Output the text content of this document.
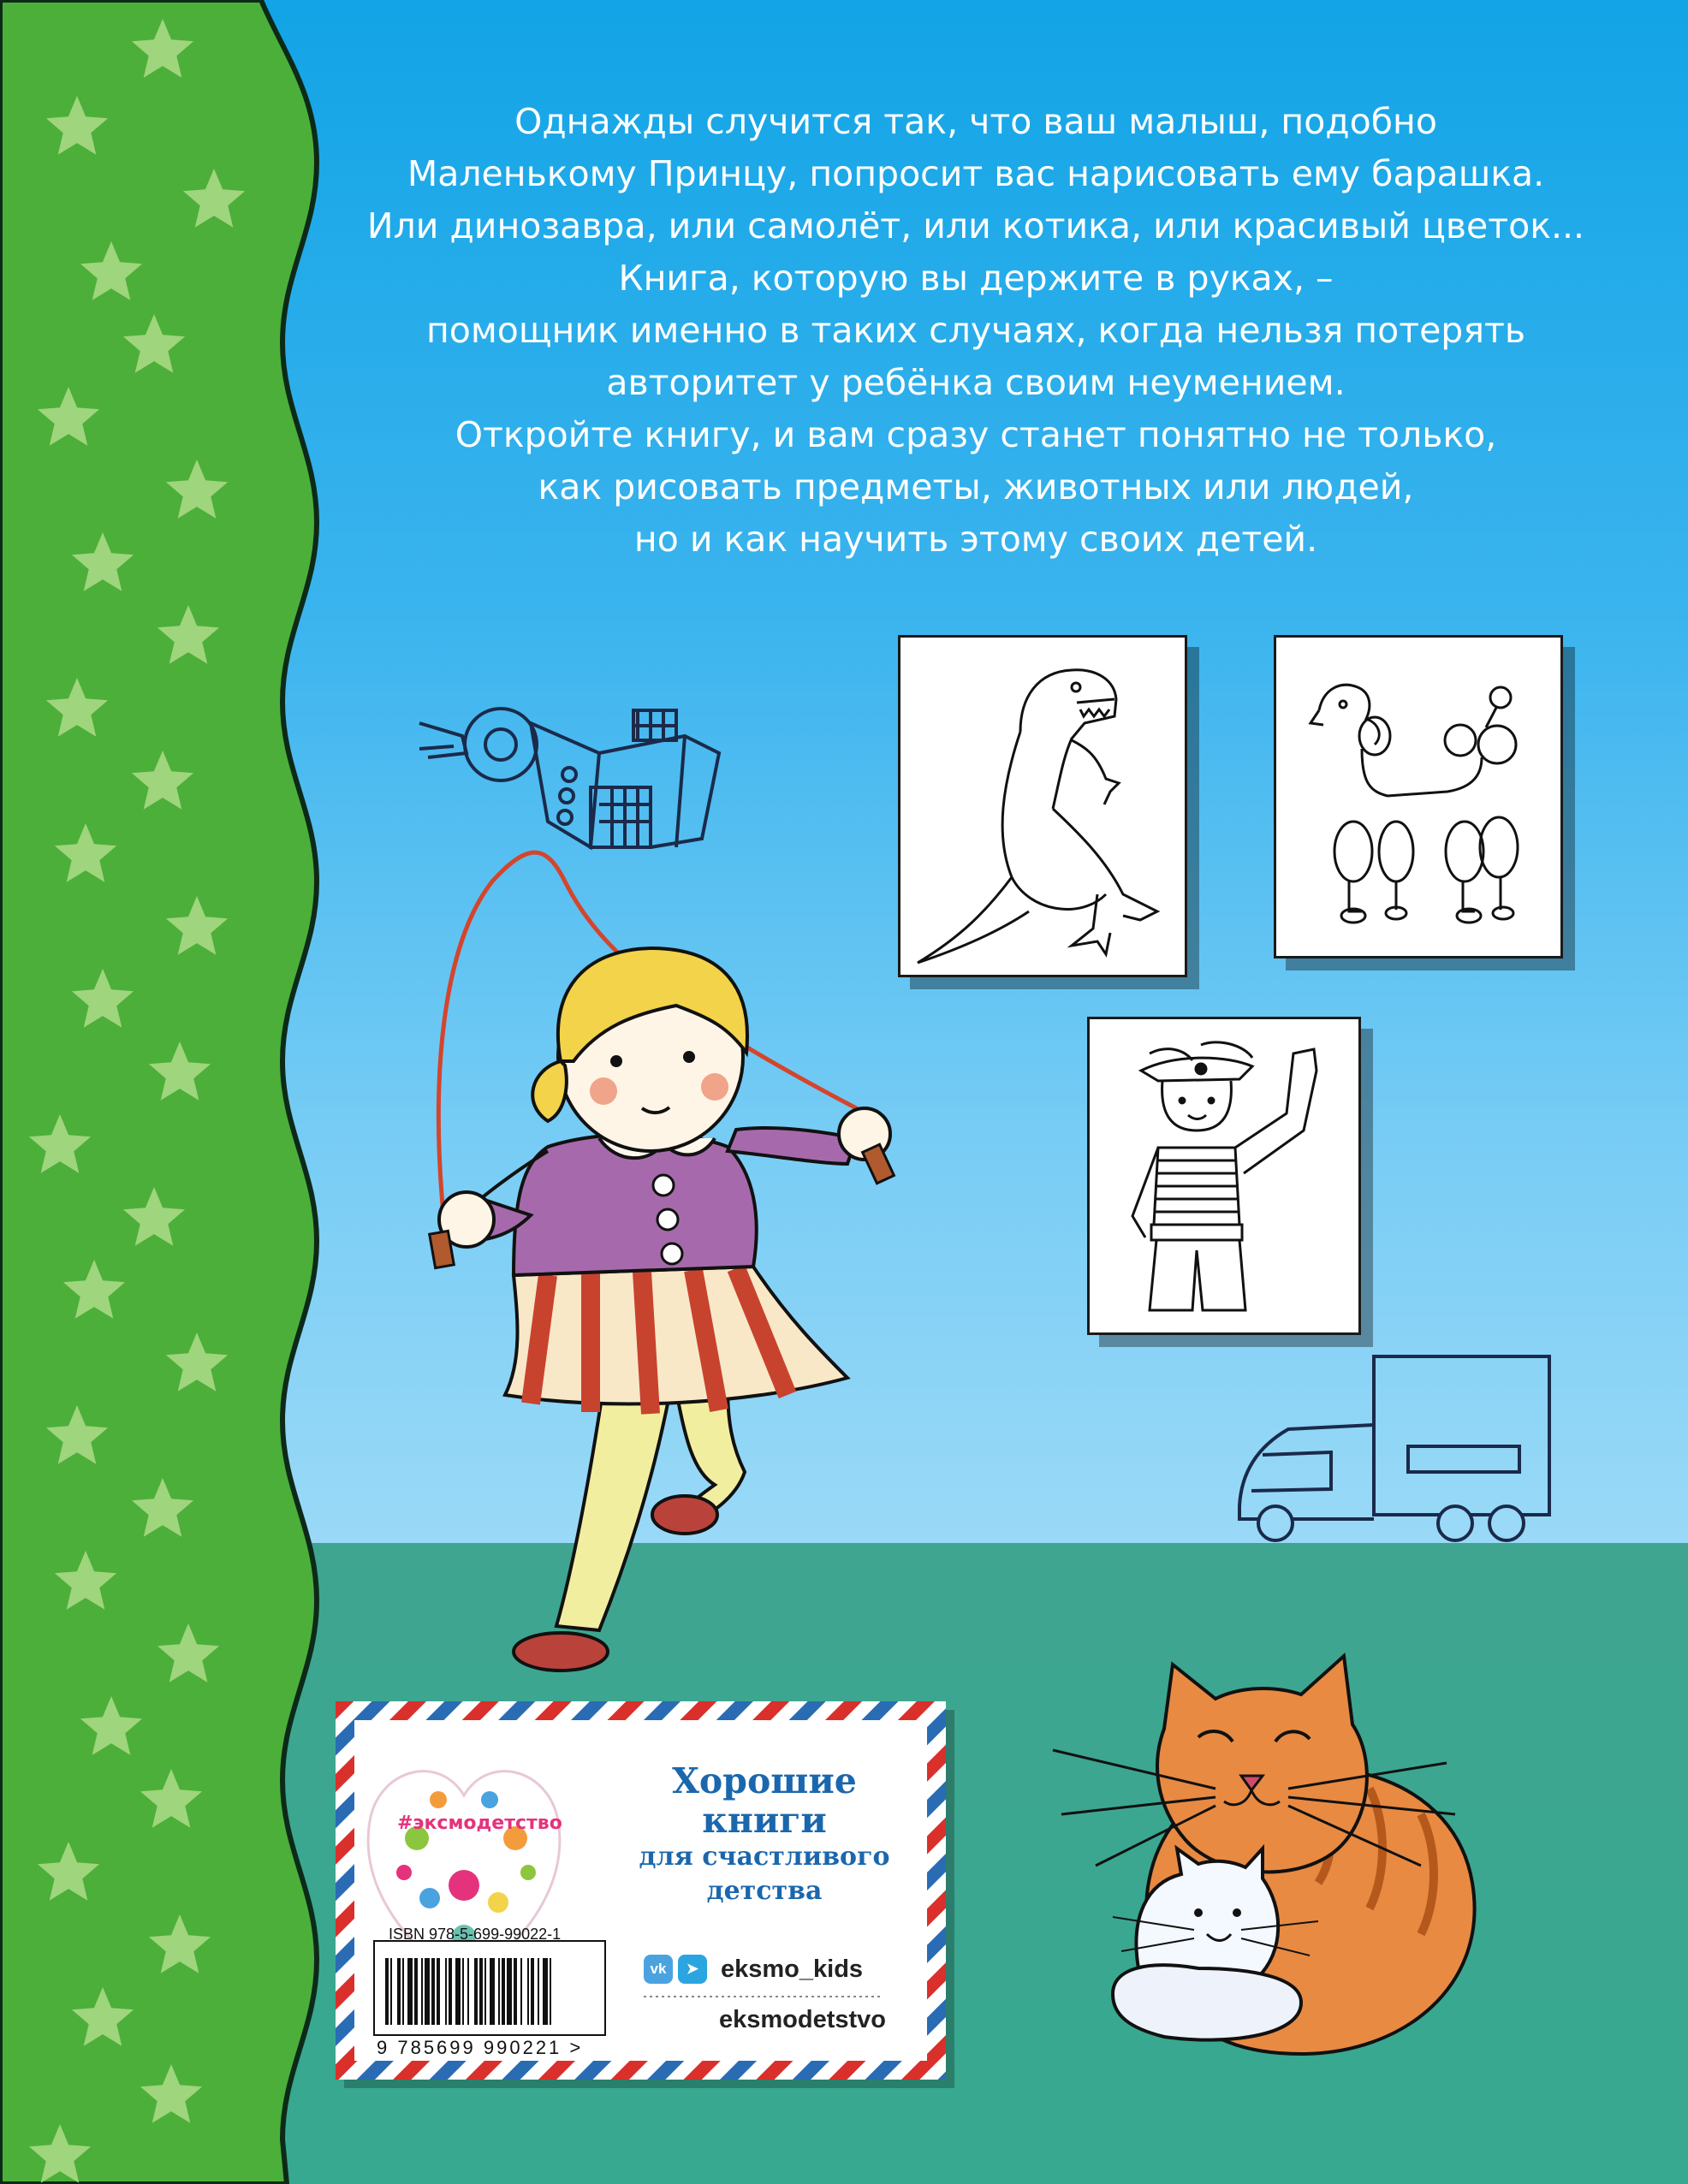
Однажды случится так, что ваш малыш, подобно

Маленькому Принцу, попросит вас нарисовать ему барашка.

Или динозавра, или самолёт, или котика, или красивый цветок...

Книга, которую вы держите в руках, –

помощник именно в таких случаях, когда нельзя потерять

авторитет у ребёнка своим неумением.

Откройте книгу, и вам сразу станет понятно не только,

как рисовать предметы, животных или людей,

но и как научить этому своих детей.

#эксмодетство

Хорошие

книги

для счастливого

детства

ISBN 978-5-699-99022-1
9 785699 990221 >
vk	➤ eksmo_kids
eksmodetstvo
